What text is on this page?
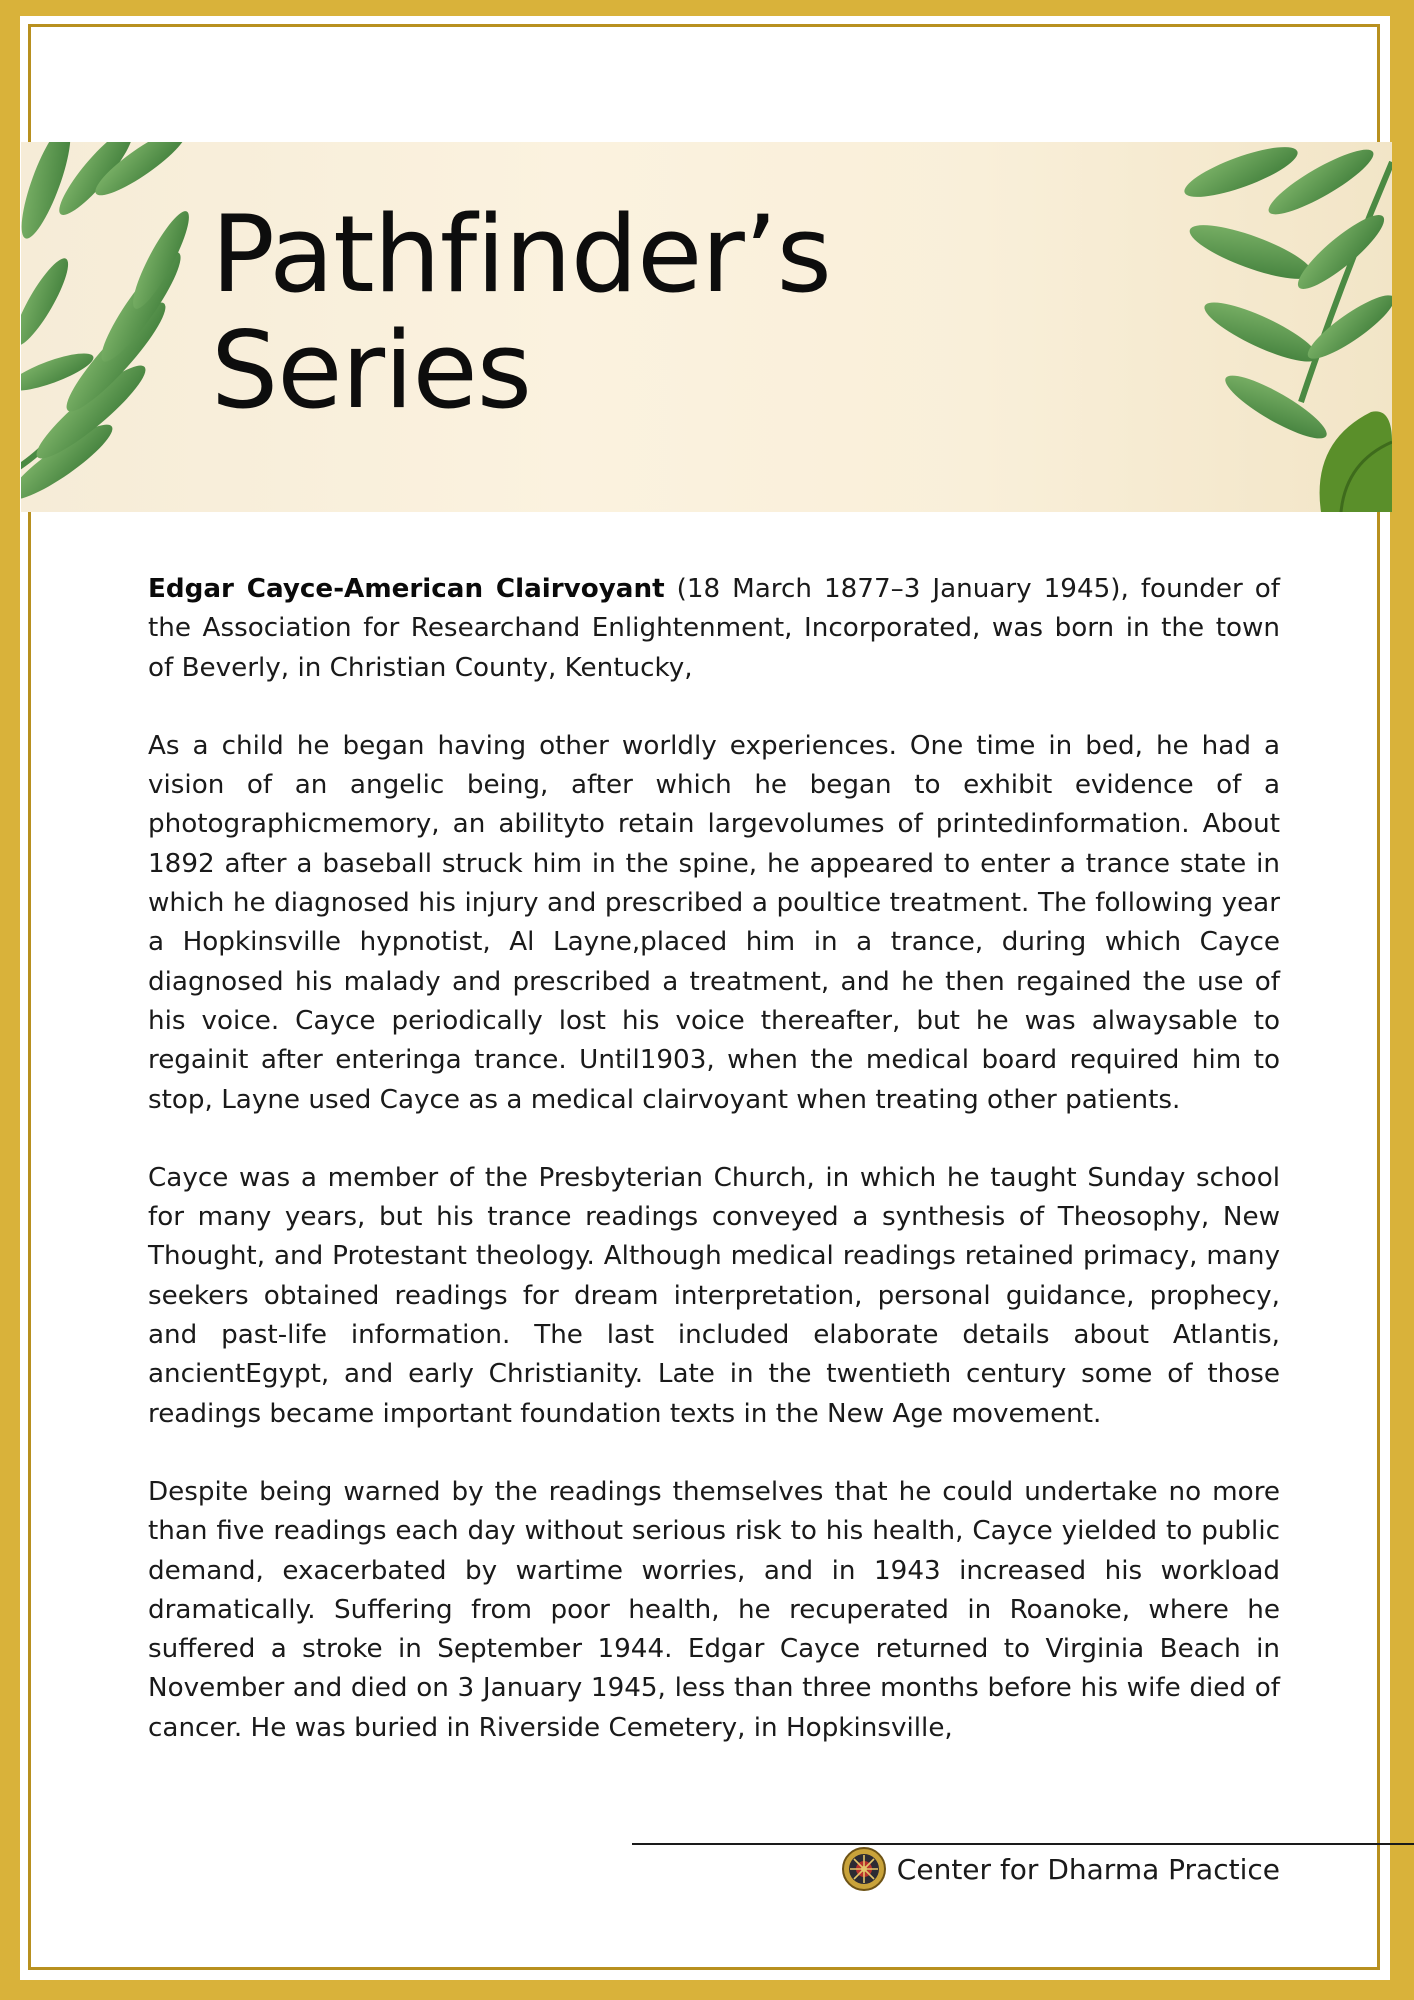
Pathfinder’s
Series

Edgar Cayce-American Clairvoyant (18 March 1877–3 January 1945), founder of the Association for Researchand Enlightenment, Incorporated, was born in the town of Beverly, in Christian County, Kentucky,

As a child he began having other worldly experiences. One time in bed, he had a vision of an angelic being, after which he began to exhibit evidence of a photographicmemory, an abilityto retain largevolumes of printedinformation. About 1892 after a baseball struck him in the spine, he appeared to enter a trance state in which he diagnosed his injury and prescribed a poultice treatment. The following year a Hopkinsville hypnotist, Al Layne,placed him in a trance, during which Cayce diagnosed his malady and prescribed a treatment, and he then regained the use of his voice. Cayce periodically lost his voice thereafter, but he was alwaysable to regainit after enteringa trance. Until1903, when the medical board required him to stop, Layne used Cayce as a medical clairvoyant when treating other patients.

Cayce was a member of the Presbyterian Church, in which he taught Sunday school for many years, but his trance readings conveyed a synthesis of Theosophy, New Thought, and Protestant theology. Although medical readings retained primacy, many seekers obtained readings for dream interpretation, personal guidance, prophecy, and past-life information. The last included elaborate details about Atlantis, ancientEgypt, and early Christianity. Late in the twentieth century some of those readings became important foundation texts in the New Age movement.

Despite being warned by the readings themselves that he could undertake no more than five readings each day without serious risk to his health, Cayce yielded to public demand, exacerbated by wartime worries, and in 1943 increased his workload dramatically. Suffering from poor health, he recuperated in Roanoke, where he suffered a stroke in September 1944. Edgar Cayce returned to Virginia Beach in November and died on 3 January 1945, less than three months before his wife died of cancer. He was buried in Riverside Cemetery, in Hopkinsville,

Center for Dharma Practice
